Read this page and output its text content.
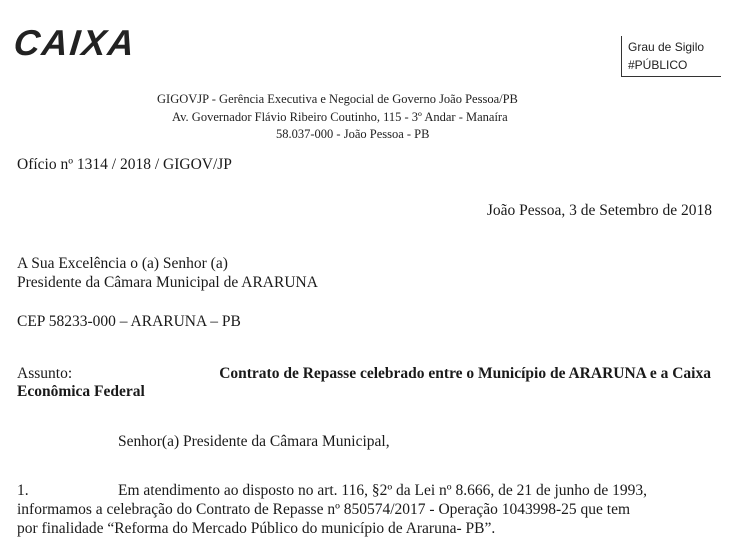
CAIXA	Grau de Sigilo
#PÚBLICO
GIGOVJP - Gerência Executiva e Negocial de Governo João Pessoa/PB
Av. Governador Flávio Ribeiro Coutinho, 115 - 3º Andar - Manaíra
58.037-000 - João Pessoa - PB
Ofício nº 1314 / 2018 / GIGOV/JP
João Pessoa, 3 de Setembro de 2018
A Sua Excelência o (a) Senhor (a)
Presidente da Câmara Municipal de ARARUNA
CEP 58233-000 – ARARUNA – PB
Assunto:	Contrato de Repasse celebrado entre o Município de ARARUNA e a Caixa
Econômica Federal
Senhor(a) Presidente da Câmara Municipal,
1.	Em atendimento ao disposto no art. 116, §2º da Lei nº 8.666, de 21 de junho de 1993,
informamos a celebração do Contrato de Repasse nº 850574/2017 - Operação 1043998-25 que tem
por finalidade “Reforma do Mercado Público do município de Araruna- PB”.
